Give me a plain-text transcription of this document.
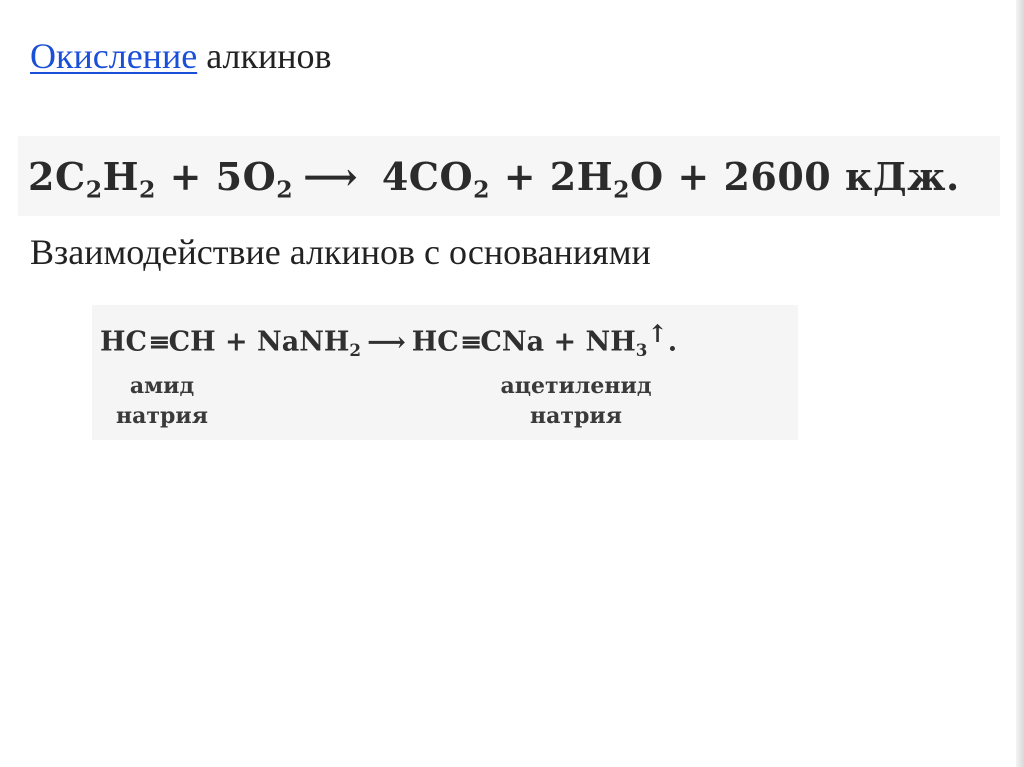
Окисление алкинов
$2C_2H_2 + 5O_2$ ⟶ $4CO_2 + 2H_2O + 2600$ кДж.
Взаимодействие алкинов с основаниями
HC≡CH + NaNH$_2$ ⟶ $HC\equiv CNa + NH_3↑$.
амид
натрия
ацетиленид
натрия
